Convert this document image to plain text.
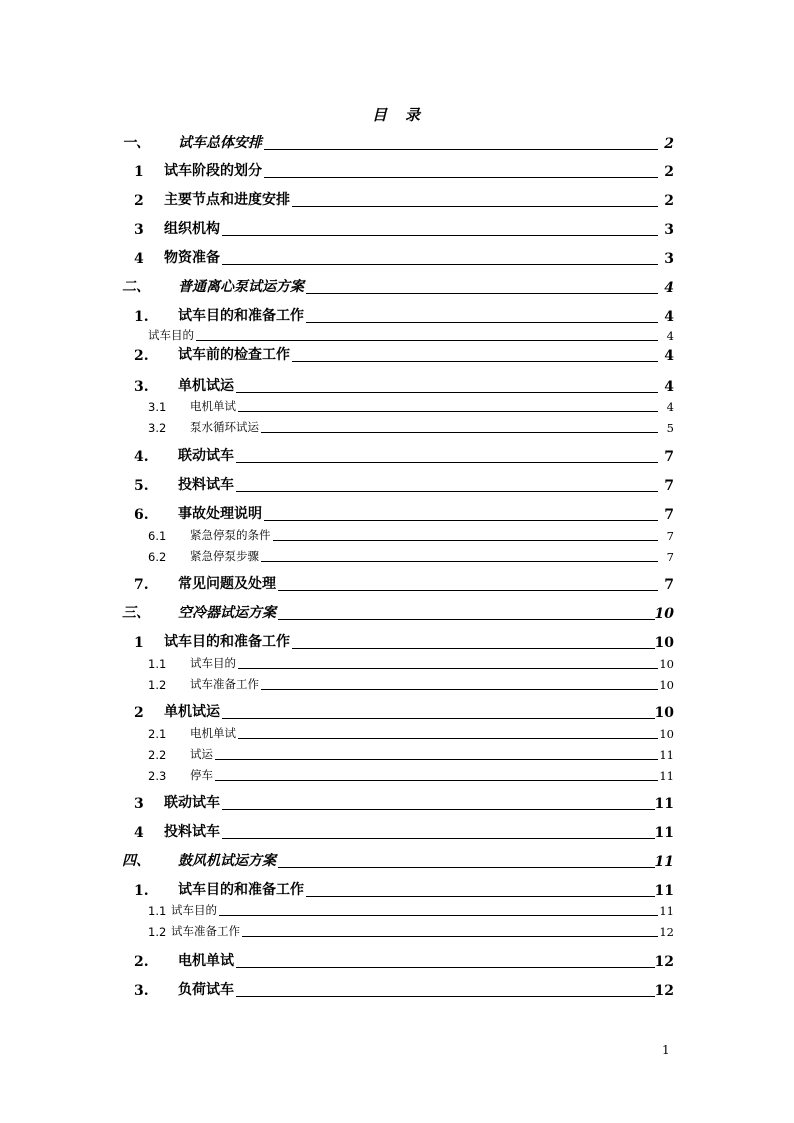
目 录
一、 试车总体安排	2
1 试车阶段的划分	2
2 主要节点和进度安排	2
3 组织机构	3
4 物资准备	3
二、 普通离心泵试运方案	4
1. 试车目的和准备工作	4
试车目的	4
2. 试车前的检查工作	4
3. 单机试运	4
3.1 电机单试	4
3.2 泵水循环试运	5
4. 联动试车	7
5. 投料试车	7
6. 事故处理说明	7
6.1 紧急停泵的条件	7
6.2 紧急停泵步骤	7
7. 常见问题及处理	7
三、 空冷器试运方案	10
1 试车目的和准备工作	10
1.1 试车目的	10
1.2 试车准备工作	10
2 单机试运	10
2.1 电机单试	10
2.2 试运	11
2.3 停车	11
3 联动试车	11
4 投料试车	11
四、 鼓风机试运方案	11
1. 试车目的和准备工作	11
1.1 试车目的	11
1.2 试车准备工作	12
2. 电机单试	12
3. 负荷试车	12
1
